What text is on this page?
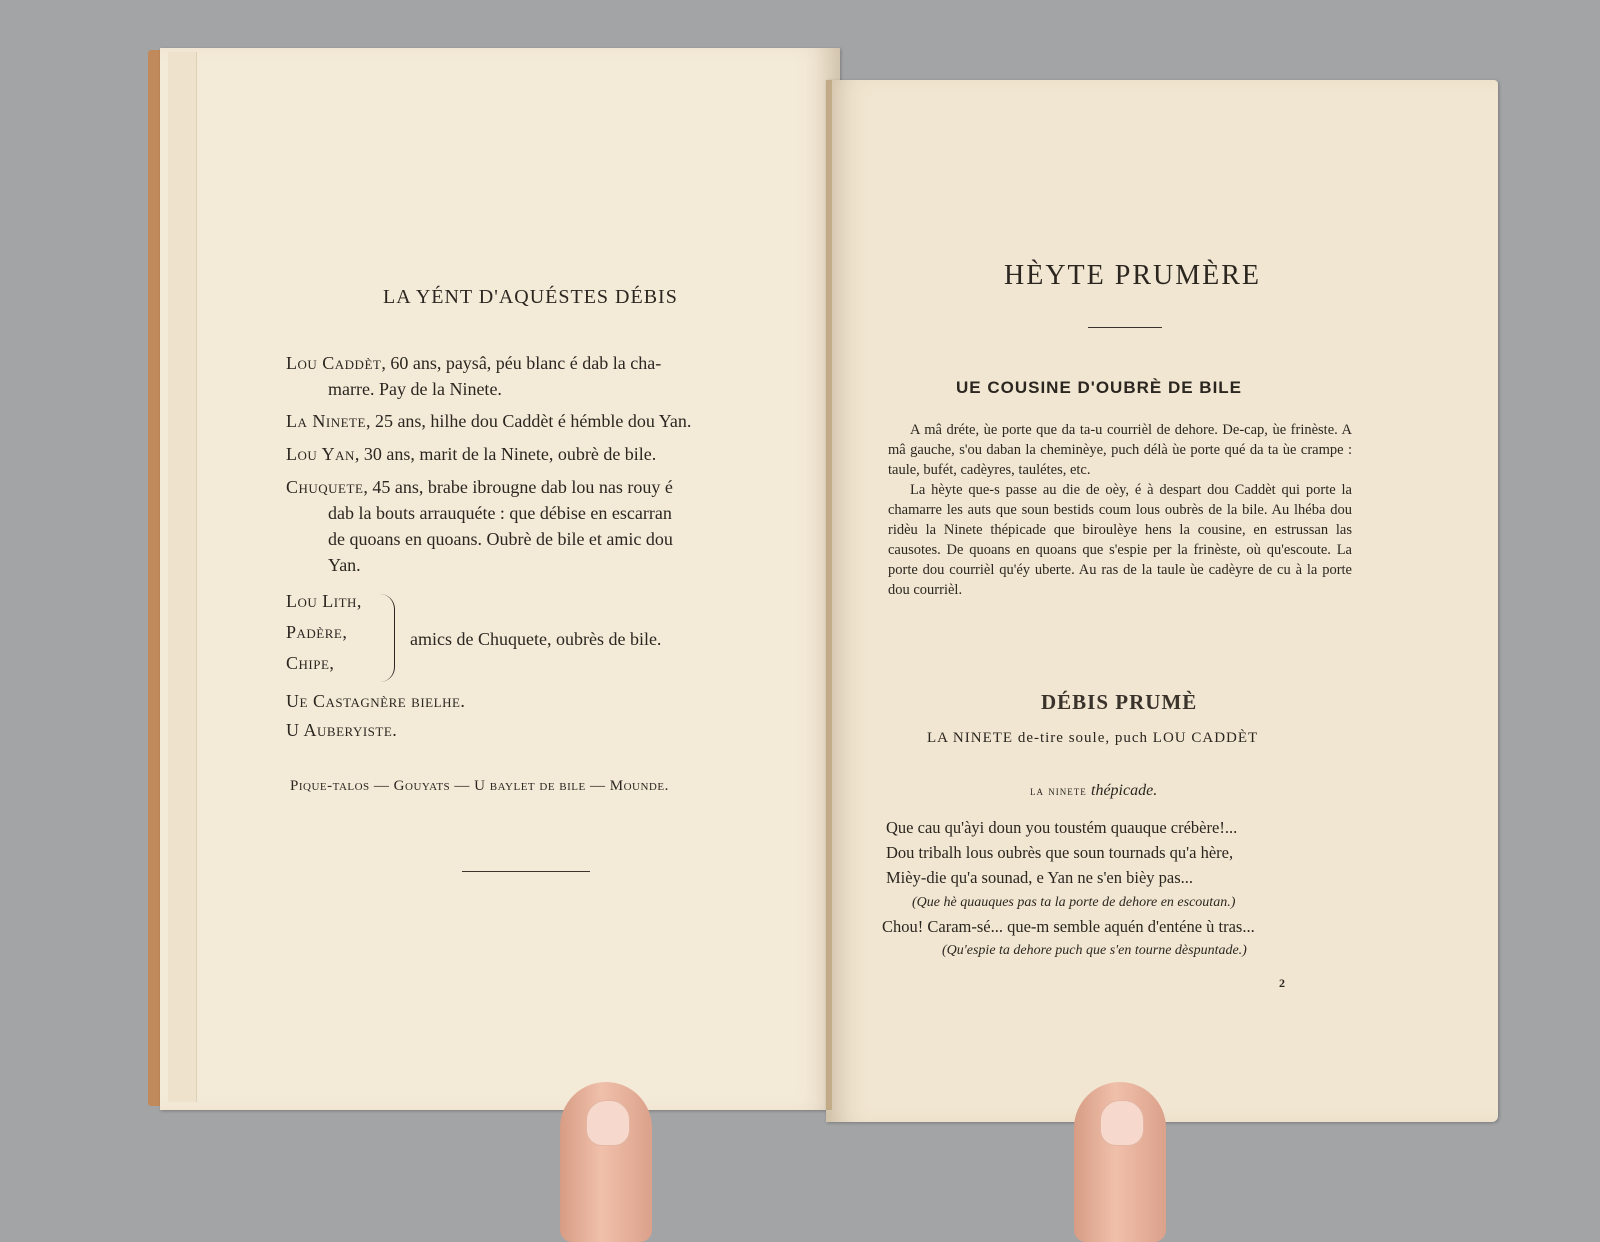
LA YÉNT D'AQUÉSTES DÉBIS
Lou Caddèt, 60 ans, paysâ, péu blanc é dab la cha-
marre. Pay de la Ninete.
La Ninete, 25 ans, hilhe dou Caddèt é hémble dou Yan.
Lou Yan, 30 ans, marit de la Ninete, oubrè de bile.
Chuquete, 45 ans, brabe ibrougne dab lou nas rouy é
dab la bouts arrauquéte : que débise en escarran
de quoans en quoans. Oubrè de bile et amic dou
Yan.
Lou Lith,
Padère,
Chipe,
amics de Chuquete, oubrès de bile.
Ue Castagnère bielhe.
U Auberyiste.
Pique-talos — Gouyats — U baylet de bile — Mounde.
HÈYTE PRUMÈRE
UE COUSINE D'OUBRÈ DE BILE

A mâ dréte, ùe porte que da ta-u courrièl de dehore. De-cap, ùe frinèste. A mâ gauche, s'ou daban la cheminèye, puch délà ùe porte qué da ta ùe crampe : taule, bufét, cadèyres, taulétes, etc.

La hèyte que-s passe au die de oèy, é à despart dou Caddèt qui porte la chamarre les auts que soun bestids coum lous oubrès de la bile. Au lhéba dou ridèu la Ninete thépicade que biroulèye hens la cousine, en estrussan las causotes. De quoans en quoans que s'espie per la frinèste, où qu'escoute. La porte dou courrièl qu'éy uberte. Au ras de la taule ùe cadèyre de cu à la porte dou courrièl.

DÉBIS PRUMÈ
LA NINETE de-tire soule, puch LOU CADDÈT
la ninete thépicade.
Que cau qu'àyi doun you toustém quauque crébère!...
Dou tribalh lous oubrès que soun tournads qu'a hère,
Mièy-die qu'a sounad, e Yan ne s'en bièy pas...
(Que hè quauques pas ta la porte de dehore en escoutan.)
Chou! Caram-sé... que-m semble aquén d'enténe ù tras...
(Qu'espie ta dehore puch que s'en tourne dèspuntade.)
2
